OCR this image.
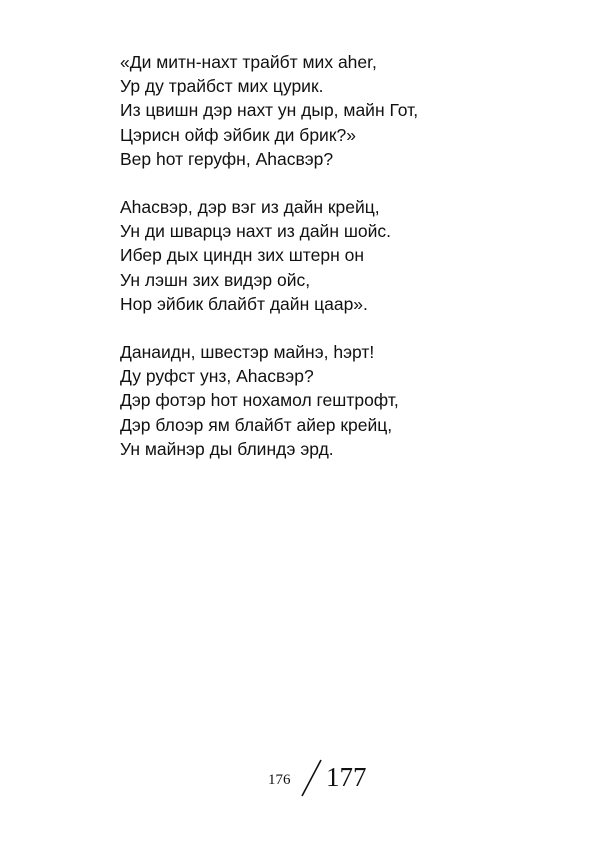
«Ди митн-нахт трайбт мих аher,
Ур ду трайбст мих цурик.
Из цвишн дэр нахт ун дыр, майн Гот,
Цэрисн ойф эйбик ди брик?»
Вер hот геруфн, Аhасвэр?
Аhасвэр, дэр вэг из дайн крейц,
Ун ди шварцэ нахт из дайн шойс.
Ибер дых циндн зих штерн он
Ун лэшн зих видэр ойс,
Нор эйбик блайбт дайн цаар».
Данаидн, швестэр майнэ, hэрт!
Ду руфст унз, Аhасвэр?
Дэр фотэр hот нохамол гештрофт,
Дэр блоэр ям блайбт айер крейц,
Ун майнэр ды блиндэ эрд.
176 177
